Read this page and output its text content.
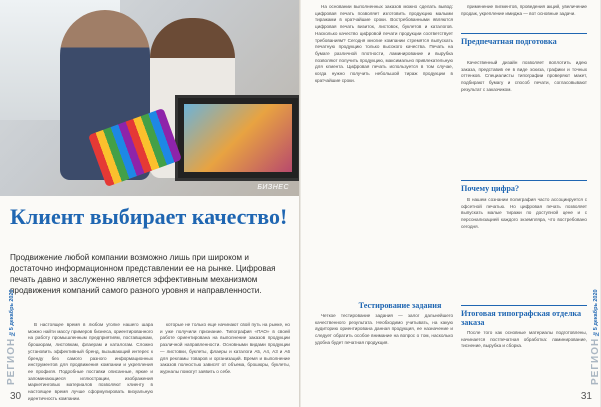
БИЗНЕС
Клиент выбирает качество!

Продвижение любой компании возможно лишь при широком и достаточно информационном представлении ее на рынке. Цифровая печать давно и заслуженно является эффективным механизмом продвижения компаний самого разного уровня и направленности.

В настоящее время в любом уголке нашего шара можно найти массу примеров бизнеса, ориентированного на работу промышленным предприятиям, поставщикам, брошюрам, листовкам, флаерам и каталогам. Сложно установить эффективный бренд, вызывающий интерес к бренду без самого разного информационных инструментов для продвижения компании и укрепления ее профиля. Подробные поставки описанные, яркие и запоминающиеся иллюстрации, изображения маркетинговых материалов позволяют клиенту в настоящее время лучше сформулировать визуальную идентичность компании.

которые не только еще начинают свой путь на рынке, но и уже получили признание. Типография «ПАО» в своей работе ориентирована на выполнение заказов продукции различной направленности. Основными видами продукции — листовки, буклеты, флаеры и каталоги А5, А4, А3 и А6 для рекламы товаров и организаций. Время и выполнение заказов полностью зависят от объема, брошюры, буклеты, журналы помогут заявить о себе.

РЕГИОН №5 декабрь 2020
30

На основании выполненных заказов можно сделать вывод: цифровая печать позволяет изготовить продукцию малыми тиражами в кратчайшие сроки. Востребованными являются цифровая печать визиток, листовок, буклетов и каталогов. Насколько качество цифровой печати продукции соответствует требованиям? Сегодня многие компании стремятся выпускать печатную продукцию только высокого качества. Печать на бумаге различной плотности, ламинирование и вырубка позволяют получить продукцию, максимально привлекательную для клиента. Цифровая печать используется в том случае, когда нужно получить небольшой тираж продукции в кратчайшие сроки.

Тестирование задания

Четкое тестирование задания — залог дальнейшего качественного результата. Необходимо учитывать, на какую аудиторию ориентирована данная продукция, ее назначение и следует обратить особое внимание на вопрос о том, насколько удобна будет печатная продукция.

применение пигментов, проведения акций, увеличение продаж, укрепление имиджа — вот основные задачи.

Предпечатная подготовка

Качественный дизайн позволяет воплотить идею заказа, представив ее в виде эскиза, графики и точных оттенков. Специалисты типографии проверяют макет, подбирают бумагу и способ печати, согласовывают результат с заказчиком.

Почему цифра?

В нашем сознании полиграфия часто ассоциируется с офсетной печатью. Но цифровая печать позволяет выпускать малые тиражи по доступной цене и с персонализацией каждого экземпляра, что востребовано сегодня.

Итоговая типографская отделка заказа

После того как основные материалы подготовлены, начинается постпечатная обработка: ламинирование, тиснение, вырубка и сборка.	РЕГИОН №5 декабрь 2020
31
